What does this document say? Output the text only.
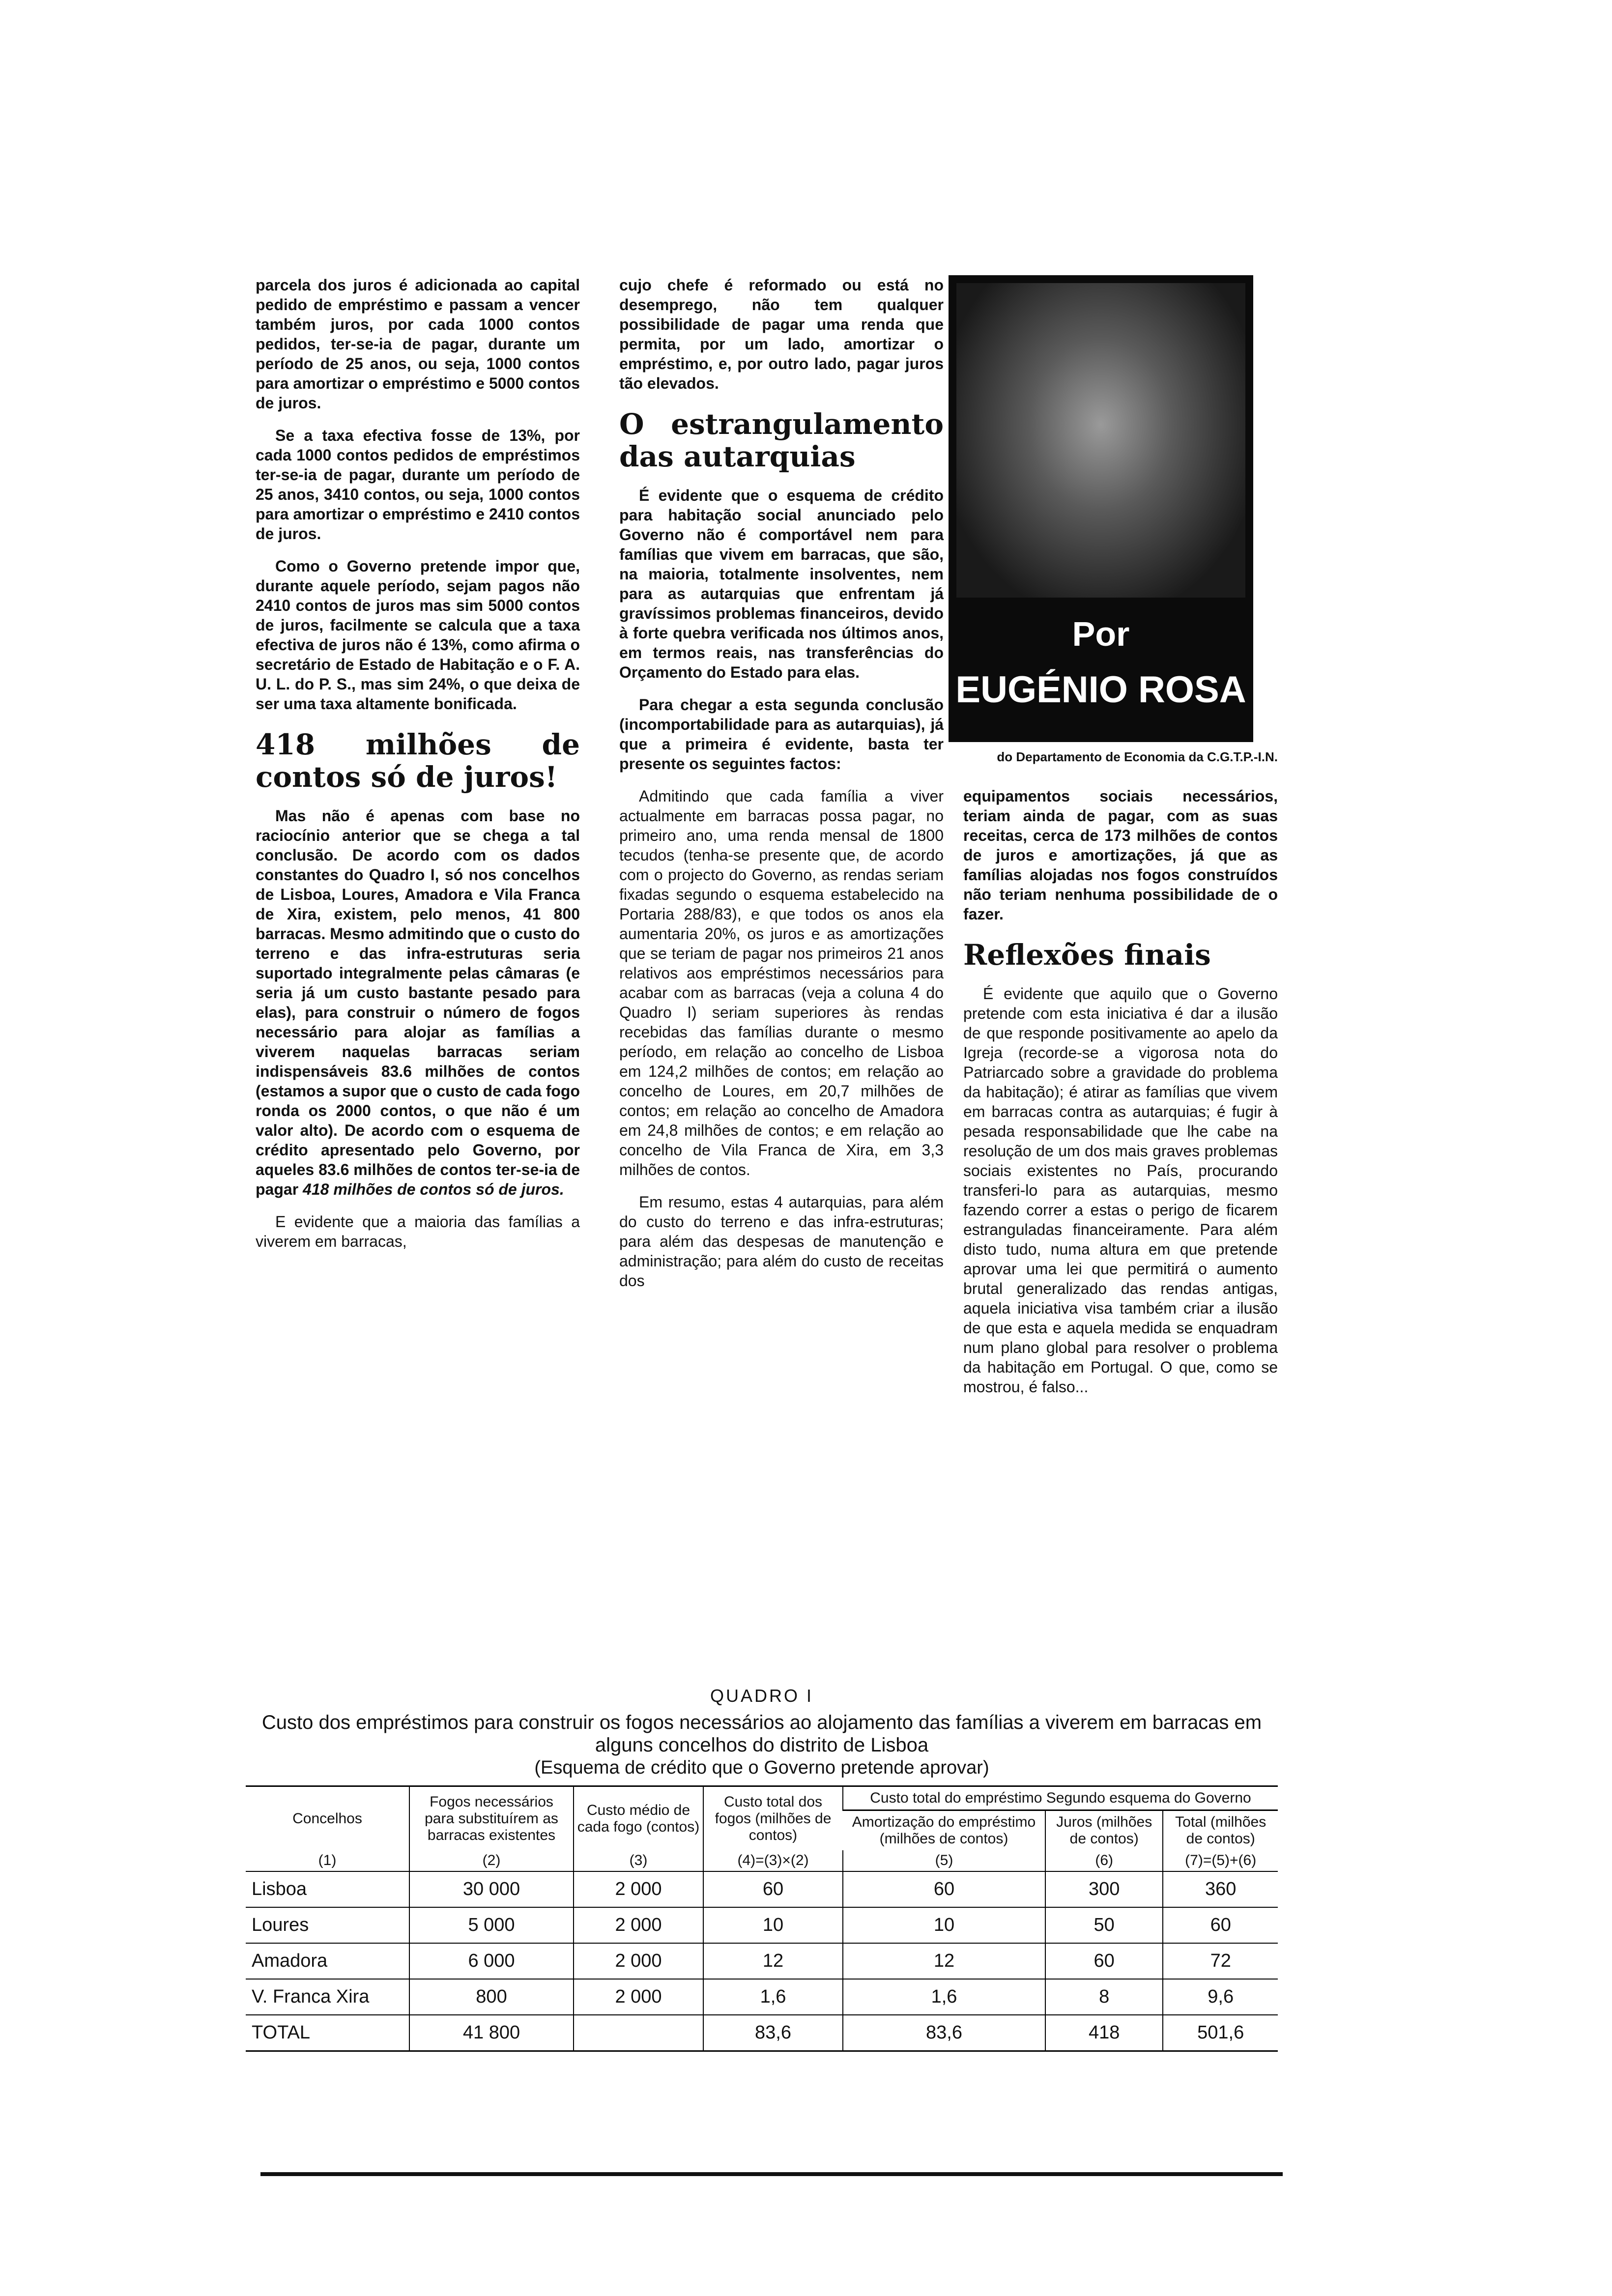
parcela dos juros é adicionada ao capital pedido de empréstimo e passam a vencer também juros, por cada 1000 contos pedidos, ter-se-ia de pagar, durante um período de 25 anos, ou seja, 1000 contos para amortizar o empréstimo e 5000 contos de juros.

Se a taxa efectiva fosse de 13%, por cada 1000 contos pedidos de empréstimos ter-se-ia de pagar, durante um período de 25 anos, 3410 contos, ou seja, 1000 contos para amortizar o empréstimo e 2410 contos de juros.

Como o Governo pretende impor que, durante aquele período, sejam pagos não 2410 contos de juros mas sim 5000 contos de juros, facilmente se calcula que a taxa efectiva de juros não é 13%, como afirma o secretário de Estado de Habitação e o F. A. U. L. do P. S., mas sim 24%, o que deixa de ser uma taxa altamente bonificada.

418 milhões de contos só de juros!

Mas não é apenas com base no raciocínio anterior que se chega a tal conclusão. De acordo com os dados constantes do Quadro I, só nos concelhos de Lisboa, Loures, Amadora e Vila Franca de Xira, existem, pelo menos, 41 800 barracas. Mesmo admitindo que o custo do terreno e das infra-estruturas seria suportado integralmente pelas câmaras (e seria já um custo bastante pesado para elas), para construir o número de fogos necessário para alojar as famílias a viverem naquelas barracas seriam indispensáveis 83.6 milhões de contos (estamos a supor que o custo de cada fogo ronda os 2000 contos, o que não é um valor alto). De acordo com o esquema de crédito apresentado pelo Governo, por aqueles 83.6 milhões de contos ter-se-ia de pagar 418 milhões de contos só de juros.

E evidente que a maioria das famílias a viverem em barracas,

cujo chefe é reformado ou está no desemprego, não tem qualquer possibilidade de pagar uma renda que permita, por um lado, amortizar o empréstimo, e, por outro lado, pagar juros tão elevados.

O estrangulamento das autarquias

É evidente que o esquema de crédito para habitação social anunciado pelo Governo não é comportável nem para famílias que vivem em barracas, que são, na maioria, totalmente insolventes, nem para as autarquias que enfrentam já gravíssimos problemas financeiros, devido à forte quebra verificada nos últimos anos, em termos reais, nas transferências do Orçamento do Estado para elas.

Para chegar a esta segunda conclusão (incomportabilidade para as autarquias), já que a primeira é evidente, basta ter presente os seguintes factos:

Admitindo que cada família a viver actualmente em barracas possa pagar, no primeiro ano, uma renda mensal de 1800 tecudos (tenha-se presente que, de acordo com o projecto do Governo, as rendas seriam fixadas segundo o esquema estabelecido na Portaria 288/83), e que todos os anos ela aumentaria 20%, os juros e as amortizações que se teriam de pagar nos primeiros 21 anos relativos aos empréstimos necessários para acabar com as barracas (veja a coluna 4 do Quadro I) seriam superiores às rendas recebidas das famílias durante o mesmo período, em relação ao concelho de Lisboa em 124,2 milhões de contos; em relação ao concelho de Loures, em 20,7 milhões de contos; em relação ao concelho de Amadora em 24,8 milhões de contos; e em relação ao concelho de Vila Franca de Xira, em 3,3 milhões de contos.

Em resumo, estas 4 autarquias, para além do custo do terreno e das infra-estruturas; para além das despesas de manutenção e administração; para além do custo de receitas dos

Por
EUGÉNIO ROSA
do Departamento de Economia da C.G.T.P.-I.N.

equipamentos sociais necessários, teriam ainda de pagar, com as suas receitas, cerca de 173 milhões de contos de juros e amortizações, já que as famílias alojadas nos fogos construídos não teriam nenhuma possibilidade de o fazer.

Reflexões finais

É evidente que aquilo que o Governo pretende com esta iniciativa é dar a ilusão de que responde positivamente ao apelo da Igreja (recorde-se a vigorosa nota do Patriarcado sobre a gravidade do problema da habitação); é atirar as famílias que vivem em barracas contra as autarquias; é fugir à pesada responsabilidade que lhe cabe na resolução de um dos mais graves problemas sociais existentes no País, procurando transferi-lo para as autarquias, mesmo fazendo correr a estas o perigo de ficarem estranguladas financeiramente. Para além disto tudo, numa altura em que pretende aprovar uma lei que permitirá o aumento brutal generalizado das rendas antigas, aquela iniciativa visa também criar a ilusão de que esta e aquela medida se enquadram num plano global para resolver o problema da habitação em Portugal. O que, como se mostrou, é falso...

QUADRO I
Custo dos empréstimos para construir os fogos necessários ao alojamento das famílias a viverem em barracas em alguns concelhos do distrito de Lisboa
(Esquema de crédito que o Governo pretende aprovar)
Concelhos	Fogos necessários para substituírem as barracas existentes	Custo médio de cada fogo (contos)	Custo total dos fogos (milhões de contos)	Custo total do empréstimo Segundo esquema do Governo		
				Amortização do empréstimo (milhões de contos)	Juros (milhões de contos)	Total (milhões de contos)
(1)	(2)	(3)	(4)=(3)×(2)	(5)	(6)	(7)=(5)+(6)
Lisboa	30 000	2 000	60	60	300	360
Loures	5 000	2 000	10	10	50	60
Amadora	6 000	2 000	12	12	60	72
V. Franca Xira	800	2 000	1,6	1,6	8	9,6
TOTAL	41 800		83,6	83,6	418	501,6
